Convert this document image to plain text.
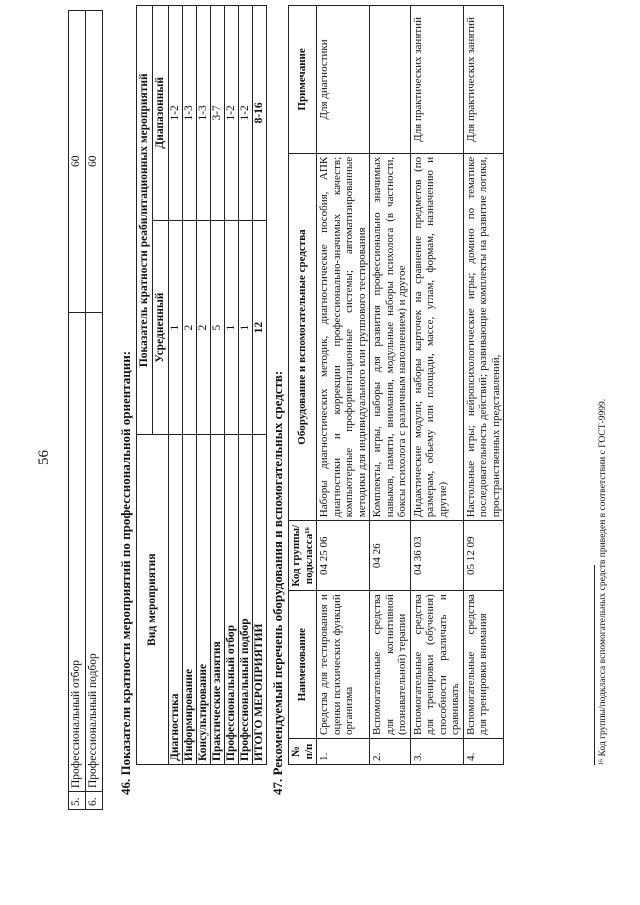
56
5.	Профессиональный отбор	60
6.	Профессиональный подбор	60
46. Показатели кратности мероприятий по профессиональной ориентации: Вид мероприятия	Показатель кратности реабилитационных мероприятий	
	Усредненный	Диапазонный
Диагностика	1	1-2
Информирование	2	1-3
Консультирование	2	1-3
Практические занятия	5	3-7
Профессиональный отбор	1	1-2
Профессиональный подбор	1	1-2
ИТОГО МЕРОПРИЯТИЙ	12	8-16
47. Рекомендуемый перечень оборудования и вспомогательных средств: № п/п	Наименование	Код группы/ подкласса¹⁶	Оборудование и вспомогательные средства	Примечание
1.	Средства для тестирования и оценки психических функций организма	04 25 06	Наборы диагностических методик, диагностические пособия, АПК диагностики и коррекции профессионально-значимых качеств; компьютерные профориентационные системы; автоматизированные методики для индивидуального или группового тестирования	Для диагностики
2.	Вспомогательные средства для когнитивной (познавательной) терапии	04 26	Комплекты, игры, наборы для развития профессионально значимых навыков, памяти, внимания, модульные наборы психолога (в частности, боксы психолога с различным наполнением) и другое	
3.	Вспомогательные средства для тренировки (обучения) способности различать и сравнивать	04 36 03	Дидактические модули; наборы карточек на сравнение предметов (по размерам, объему или площади, массе, углам, формам, назначению и другие)	Для практических занятий
4.	Вспомогательные средства для тренировки внимания	05 12 09	Настольные игры; нейропсихологические игры; домино по тематике последовательность действий; развивающие комплекты на развитие логики, пространственных представлений,	Для практических занятий
¹⁶ Код группы/подкласса вспомогательных средств приведен в соответствии с ГОСТ-9999.
